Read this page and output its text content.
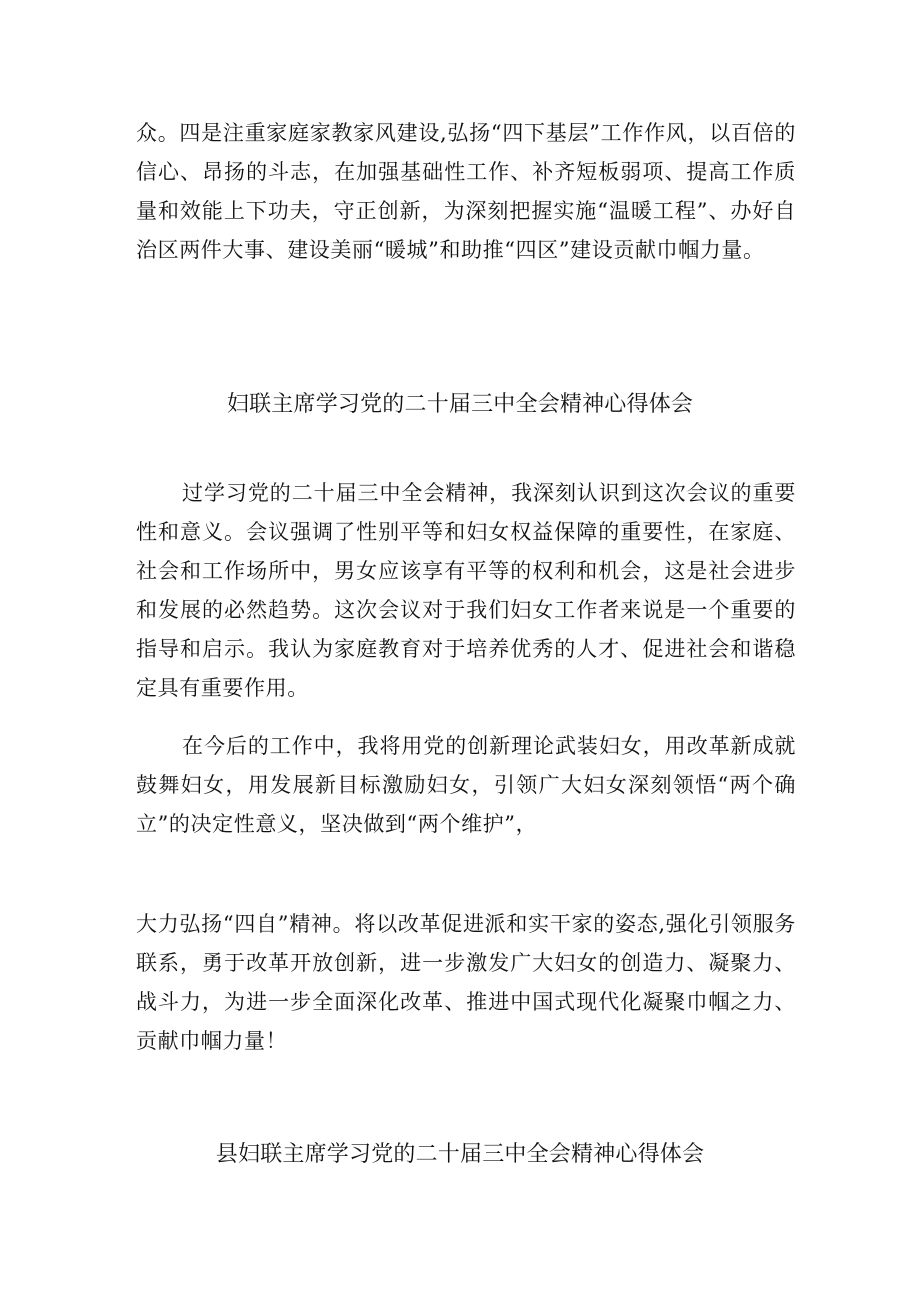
众。四是注重家庭家教家风建设,弘扬“四下基层”工作作风，以百倍的信心、昂扬的斗志，在加强基础性工作、补齐短板弱项、提高工作质量和效能上下功夫，守正创新，为深刻把握实施“温暖工程”、办好自治区两件大事、建设美丽“暖城”和助推“四区”建设贡献巾帼力量。

妇联主席学习党的二十届三中全会精神心得体会

过学习党的二十届三中全会精神，我深刻认识到这次会议的重要性和意义。会议强调了性别平等和妇女权益保障的重要性，在家庭、社会和工作场所中，男女应该享有平等的权利和机会，这是社会进步和发展的必然趋势。这次会议对于我们妇女工作者来说是一个重要的指导和启示。我认为家庭教育对于培养优秀的人才、促进社会和谐稳定具有重要作用。

在今后的工作中，我将用党的创新理论武装妇女，用改革新成就鼓舞妇女，用发展新目标激励妇女，引领广大妇女深刻领悟“两个确立”的决定性意义，坚决做到“两个维护”，

大力弘扬“四自”精神。将以改革促进派和实干家的姿态,强化引领服务联系，勇于改革开放创新，进一步激发广大妇女的创造力、凝聚力、战斗力，为进一步全面深化改革、推进中国式现代化凝聚巾帼之力、贡献巾帼力量！

县妇联主席学习党的二十届三中全会精神心得体会
